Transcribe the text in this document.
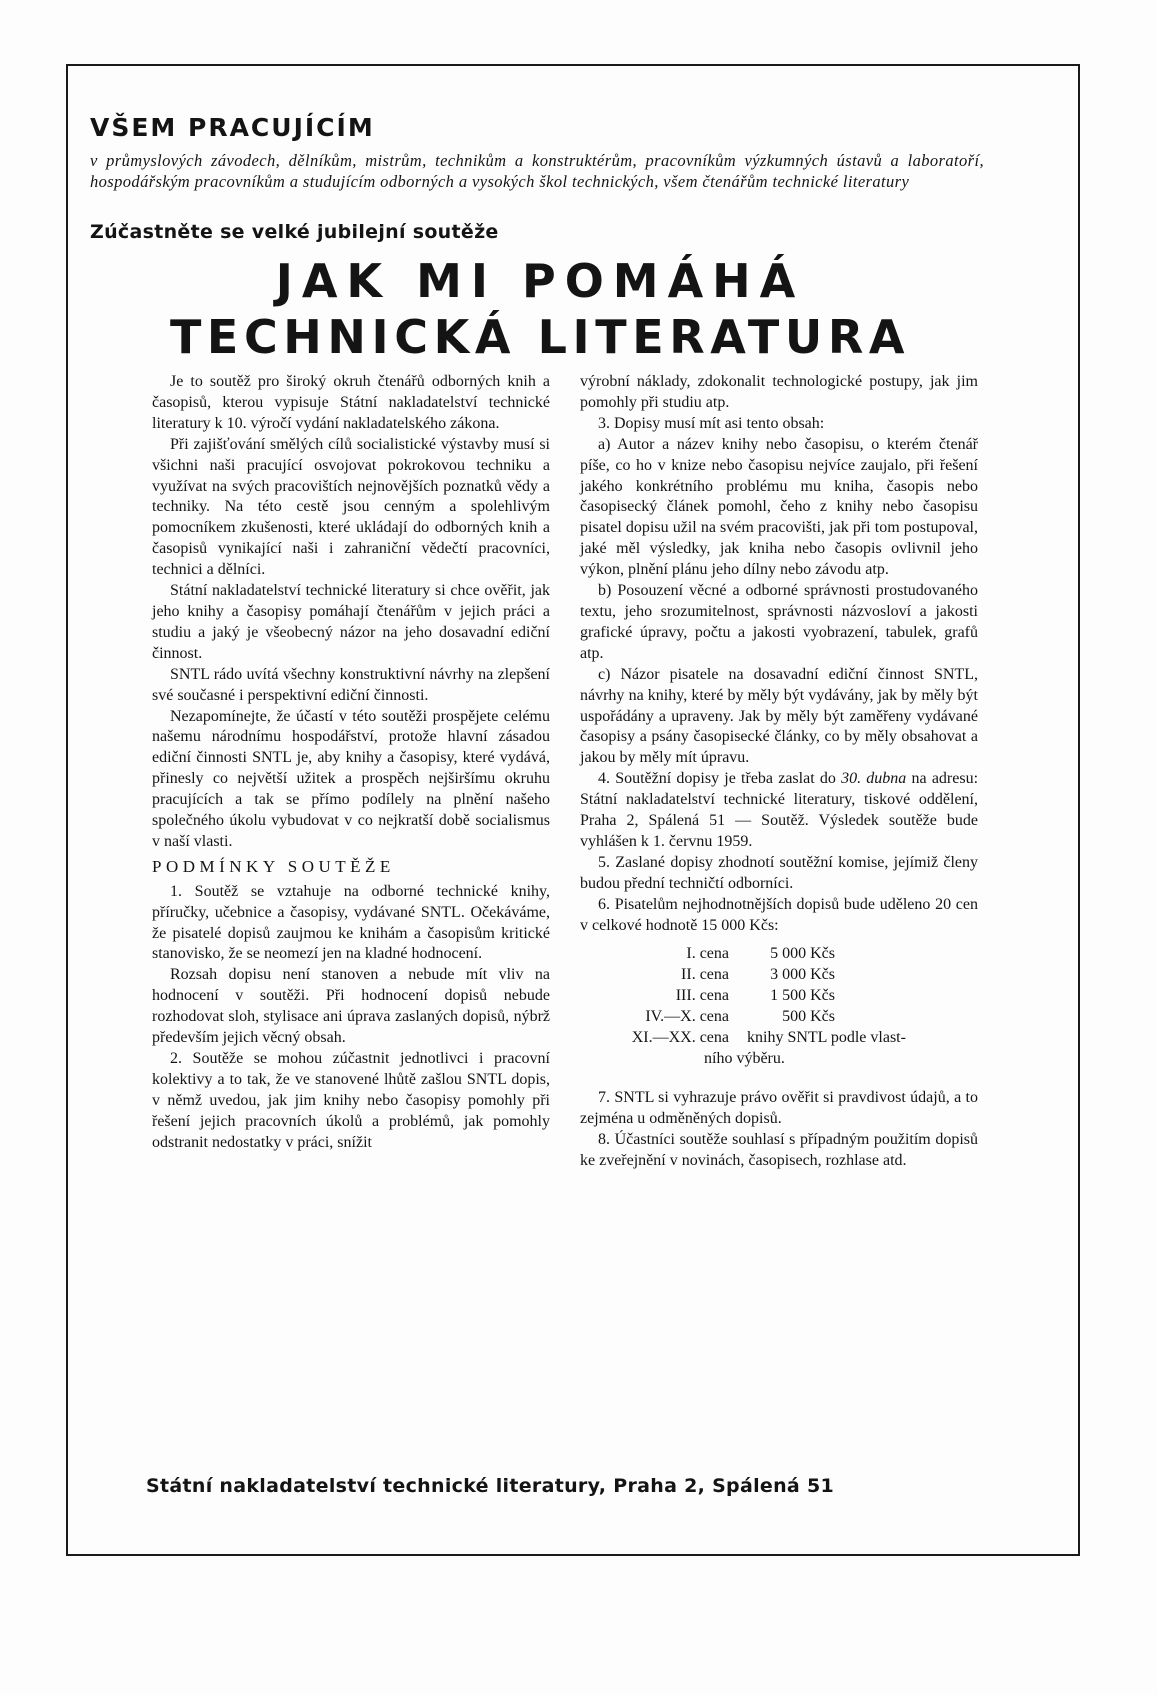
VŠEM PRACUJÍCÍM

v průmyslových závodech, dělníkům, mistrům, technikům a konstruktérům, pracovníkům výzkumných ústavů a laboratoří, hospodářským pracovníkům a studujícím odborných a vysokých škol technických, všem čtenářům technické literatury

Zúčastněte se velké jubilejní soutěže
JAK MI POMÁHÁ
TECHNICKÁ LITERATURA

Je to soutěž pro široký okruh čtenářů odborných knih a časopisů, kterou vypisuje Státní nakladatelství technické literatury k 10. výročí vydání nakladatelského zákona.

Při zajišťování smělých cílů socialistické výstavby musí si všichni naši pracující osvojovat pokrokovou techniku a využívat na svých pracovištích nejnovějších poznatků vědy a techniky. Na této cestě jsou cenným a spolehlivým pomocníkem zkušenosti, které ukládají do odborných knih a časopisů vynikající naši i zahraniční vědečtí pracovníci, technici a dělníci.

Státní nakladatelství technické literatury si chce ověřit, jak jeho knihy a časopisy pomáhají čtenářům v jejich práci a studiu a jaký je všeobecný názor na jeho dosavadní ediční činnost.

SNTL rádo uvítá všechny konstruktivní návrhy na zlepšení své současné i perspektivní ediční činnosti.

Nezapomínejte, že účastí v této soutěži prospějete celému našemu národnímu hospodářství, protože hlavní zásadou ediční činnosti SNTL je, aby knihy a časopisy, které vydává, přinesly co největší užitek a prospěch nejširšímu okruhu pracujících a tak se přímo podílely na plnění našeho společného úkolu vybudovat v co nejkratší době socialismus v naší vlasti.

PODMÍNKY SOUTĚŽE

1. Soutěž se vztahuje na odborné technické knihy, příručky, učebnice a časopisy, vydávané SNTL. Očekáváme, že pisatelé dopisů zaujmou ke knihám a časopisům kritické stanovisko, že se neomezí jen na kladné hodnocení.

Rozsah dopisu není stanoven a nebude mít vliv na hodnocení v soutěži. Při hodnocení dopisů nebude rozhodovat sloh, stylisace ani úprava zaslaných dopisů, nýbrž především jejich věcný obsah.

2. Soutěže se mohou zúčastnit jednotlivci i pracovní kolektivy a to tak, že ve stanovené lhůtě zašlou SNTL dopis, v němž uvedou, jak jim knihy nebo časopisy pomohly při řešení jejich pracovních úkolů a problémů, jak pomohly odstranit nedostatky v práci, snížit

výrobní náklady, zdokonalit technologické postupy, jak jim pomohly při studiu atp.

3. Dopisy musí mít asi tento obsah:

a) Autor a název knihy nebo časopisu, o kterém čtenář píše, co ho v knize nebo časopisu nejvíce zaujalo, při řešení jakého konkrétního problému mu kniha, časopis nebo časopisecký článek pomohl, čeho z knihy nebo časopisu pisatel dopisu užil na svém pracovišti, jak při tom postupoval, jaké měl výsledky, jak kniha nebo časopis ovlivnil jeho výkon, plnění plánu jeho dílny nebo závodu atp.

b) Posouzení věcné a odborné správnosti prostudovaného textu, jeho srozumitelnost, správnosti názvosloví a jakosti grafické úpravy, počtu a jakosti vyobrazení, tabulek, grafů atp.

c) Názor pisatele na dosavadní ediční činnost SNTL, návrhy na knihy, které by měly být vydávány, jak by měly být uspořádány a upraveny. Jak by měly být zaměřeny vydávané časopisy a psány časopisecké články, co by měly obsahovat a jakou by měly mít úpravu.

4. Soutěžní dopisy je třeba zaslat do 30. dubna na adresu: Státní nakladatelství technické literatury, tiskové oddělení, Praha 2, Spálená 51 — Soutěž. Výsledek soutěže bude vyhlášen k 1. červnu 1959.

5. Zaslané dopisy zhodnotí soutěžní komise, jejímiž členy budou přední techničtí odborníci.

6. Pisatelům nejhodnotnějších dopisů bude uděleno 20 cen v celkové hodnotě 15 000 Kčs:

I. cena	5 000 Kčs
II. cena	3 000 Kčs
III. cena	1 500 Kčs
IV.—X. cena	500 Kčs
XI.—XX. cena	knihy SNTL podle vlast-

ního výběru.

7. SNTL si vyhrazuje právo ověřit si pravdivost údajů, a to zejména u odměněných dopisů.

8. Účastníci soutěže souhlasí s případným použitím dopisů ke zveřejnění v novinách, časopisech, rozhlase atd.

Státní nakladatelství technické literatury, Praha 2, Spálená 51
